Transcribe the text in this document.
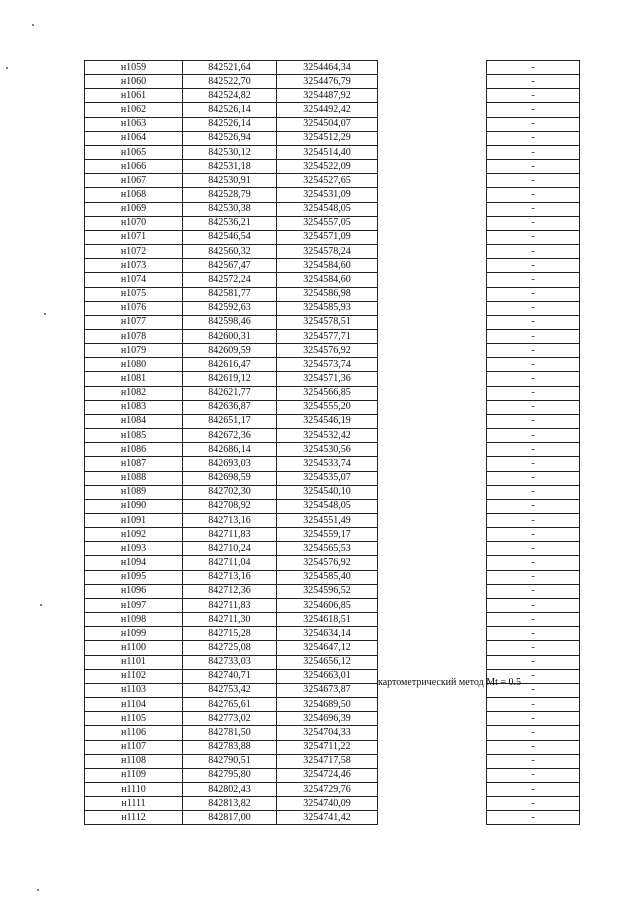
н1059	842521,64	3254464,34		-
н1060	842522,70	3254476,79		-
н1061	842524,82	3254487,92		-
н1062	842526,14	3254492,42		-
н1063	842526,14	3254504,07		-
н1064	842526,94	3254512,29		-
н1065	842530,12	3254514,40		-
н1066	842531,18	3254522,09		-
н1067	842530,91	3254527,65		-
н1068	842528,79	3254531,09		-
н1069	842530,38	3254548,05		-
н1070	842536,21	3254557,05		-
н1071	842546,54	3254571,09		-
н1072	842560,32	3254578,24		-
н1073	842567,47	3254584,60		-
н1074	842572,24	3254584,60		-
н1075	842581,77	3254586,98		-
н1076	842592,63	3254585,93		-
н1077	842598,46	3254578,51		-
н1078	842600,31	3254577,71		-
н1079	842609,59	3254576,92		-
н1080	842616,47	3254573,74		-
н1081	842619,12	3254571,36		-
н1082	842621,77	3254566,85		-
н1083	842636,87	3254555,20		-
н1084	842651,17	3254546,19		-
н1085	842672,36	3254532,42		-
н1086	842686,14	3254530,56		-
н1087	842693,03	3254533,74		-
н1088	842698,59	3254535,07		-
н1089	842702,30	3254540,10		-
н1090	842708,92	3254548,05		-
н1091	842713,16	3254551,49		-
н1092	842711,83	3254559,17		-
н1093	842710,24	3254565,53		-
н1094	842711,04	3254576,92		-
н1095	842713,16	3254585,40		-
н1096	842712,36	3254596,52		-
н1097	842711,83	3254606,85		-
н1098	842711,30	3254618,51		-
н1099	842715,28	3254634,14		-
н1100	842725,08	3254647,12		-
н1101	842733,03	3254656,12		-
н1102	842740,71	3254663,01	картометрический метод Mt = 0.5	-
н1103	842753,42	3254673,87		-
н1104	842765,61	3254689,50		-
н1105	842773,02	3254696,39		-
н1106	842781,50	3254704,33		-
н1107	842783,88	3254711,22		-
н1108	842790,51	3254717,58		-
н1109	842795,80	3254724,46		-
н1110	842802,43	3254729,76		-
н1111	842813,82	3254740,09		-
н1112	842817,00	3254741,42		-
